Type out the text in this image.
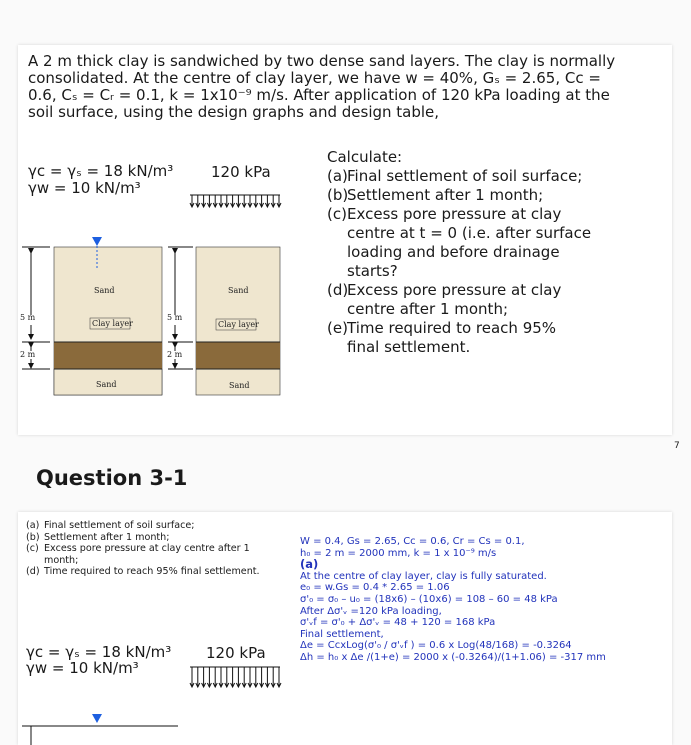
A 2 m thick clay is sandwiched by two dense sand layers. The clay is normally
consolidated. At the centre of clay layer, we have w = 40%, Gₛ = 2.65, Cᴄ =
0.6, Cₛ = Cᵣ = 0.1, k = 1x10⁻⁹ m/s. After application of 120 kPa loading at the
soil surface, using the design graphs and design table,
γᴄ = γₛ = 18 kN/m³
γw = 10 kN/m³
120 kPa
5 m
2 m
5 m
2 m
Sand	Sand
Clay layer	Clay layer
Sand	Sand
Calculate:
(a) Final settlement of soil surface;
(b)
Settlement after 1 month;
(c) Excess pore pressure at clay
centre at t = 0 (i.e. after surface
loading and before drainage
starts?
(d)
Excess pore pressure at clay
centre after 1 month;
(e) Time required to reach 95%
final settlement.
7
Question 3-1
(a) Final settlement of soil surface;
(b) Settlement after 1 month;
(c) Excess pore pressure at clay centre after 1
month;
(d) Time required to reach 95% final settlement.
γᴄ = γₛ = 18 kN/m³
γw = 10 kN/m³
120 kPa
W = 0.4, Gs = 2.65, Cc = 0.6, Cr = Cs = 0.1,
h₀ = 2 m = 2000 mm, k = 1 x 10⁻⁹ m/s
(a)
At the centre of clay layer, clay is fully saturated.
e₀ = w.Gs = 0.4 * 2.65 = 1.06
σ'₀ = σ₀ – u₀ = (18x6) – (10x6) = 108 – 60 = 48 kPa
After Δσ'ᵥ =120 kPa loading,
σ'ᵥf = σ'₀ + Δσ'ᵥ = 48 + 120 = 168 kPa
Final settlement,
Δe = CcxLog(σ'₀ / σ'ᵥf ) = 0.6 x Log(48/168) = -0.3264
Δh = h₀ x Δe /(1+e) = 2000 x (-0.3264)/(1+1.06) = -317 mm
